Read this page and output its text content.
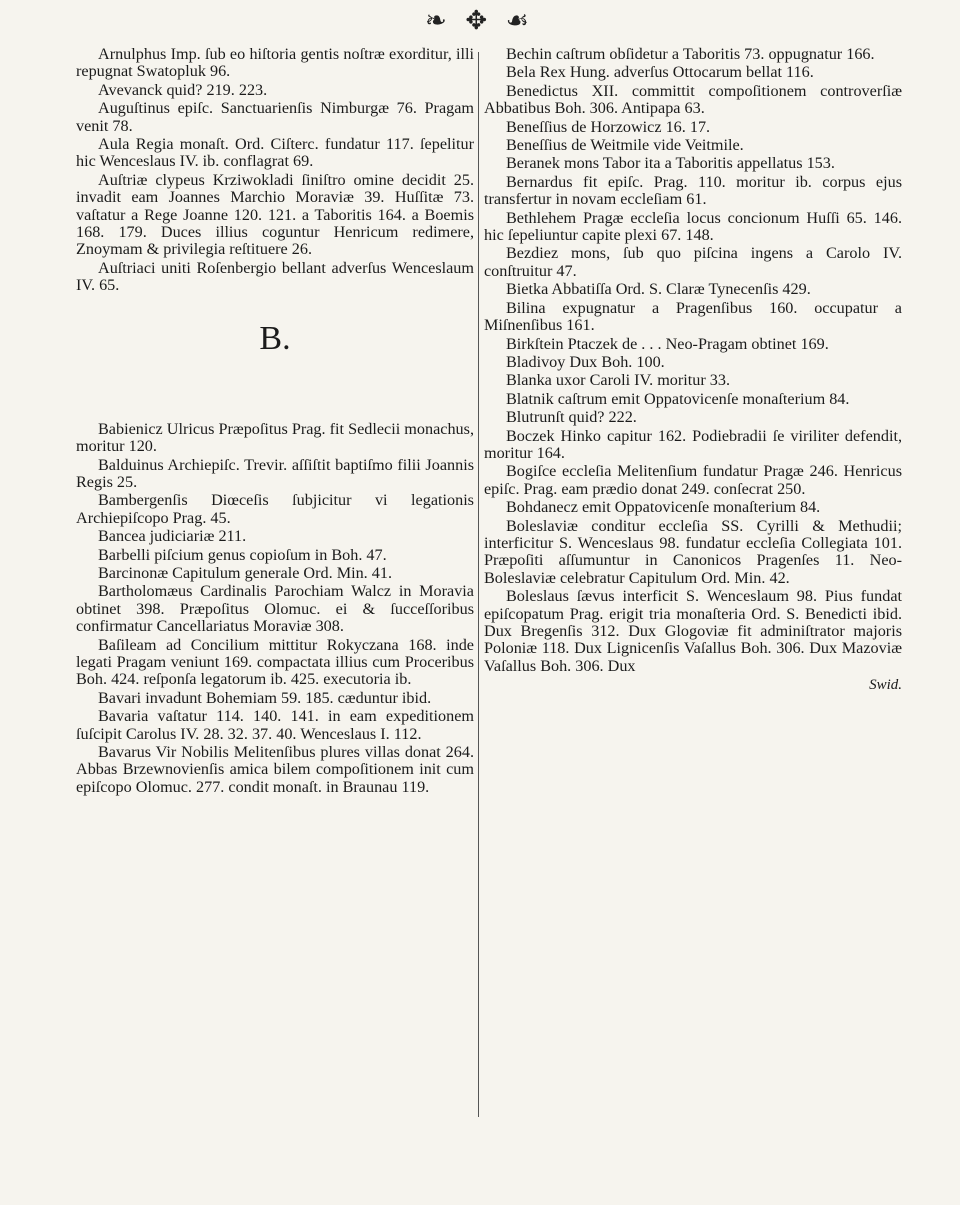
❧ ✥ ☙

Arnulphus Imp. ſub eo hiſtoria gentis noſtræ exorditur, illi repugnat Swatopluk 96.

Avevanck quid? 219. 223.

Auguſtinus epiſc. Sanctuarienſis Nimburgæ 76. Pragam venit 78.

Aula Regia monaſt. Ord. Ciſterc. fundatur 117. ſepelitur hic Wenceslaus IV. ib. conflagrat 69.

Auſtriæ clypeus Krziwokladi ſiniſtro omine decidit 25. invadit eam Joannes Marchio Moraviæ 39. Huſſitæ 73. vaſtatur a Rege Joanne 120. 121. a Taboritis 164. a Boemis 168. 179. Duces illius coguntur Henricum redimere, Znoymam & privilegia reſtituere 26.

Auſtriaci uniti Roſenbergio bellant adverſus Wenceslaum IV. 65.

B.

Babienicz Ulricus Præpoſitus Prag. fit Sedlecii monachus, moritur 120.

Balduinus Archiepiſc. Trevir. aſſiſtit baptiſmo filii Joannis Regis 25.

Bambergenſis Diœceſis ſubjicitur vi legationis Archiepiſcopo Prag. 45.

Bancea judiciariæ 211.

Barbelli piſcium genus copioſum in Boh. 47.

Barcinonæ Capitulum generale Ord. Min. 41.

Bartholomæus Cardinalis Parochiam Walcz in Moravia obtinet 398. Præpoſitus Olomuc. ei & ſucceſſoribus confirmatur Cancellariatus Moraviæ 308.

Baſileam ad Concilium mittitur Rokyczana 168. inde legati Pragam veniunt 169. compactata illius cum Proceribus Boh. 424. reſponſa legatorum ib. 425. executoria ib.

Bavari invadunt Bohemiam 59. 185. cæduntur ibid.

Bavaria vaſtatur 114. 140. 141. in eam expeditionem ſuſcipit Carolus IV. 28. 32. 37. 40. Wenceslaus I. 112.

Bavarus Vir Nobilis Melitenſibus plures villas donat 264. Abbas Brzewnovienſis amica bilem compoſitionem init cum epiſcopo Olomuc. 277. condit monaſt. in Braunau 119.

Bechin caſtrum obſidetur a Taboritis 73. oppugnatur 166.

Bela Rex Hung. adverſus Ottocarum bellat 116.

Benedictus XII. committit compoſitionem controverſiæ Abbatibus Boh. 306. Antipapa 63.

Beneſſius de Horzowicz 16. 17.

Beneſſius de Weitmile vide Veitmile.

Beranek mons Tabor ita a Taboritis appellatus 153.

Bernardus fit epiſc. Prag. 110. moritur ib. corpus ejus transfertur in novam eccleſiam 61.

Bethlehem Pragæ eccleſia locus concionum Huſſi 65. 146. hic ſepeliuntur capite plexi 67. 148.

Bezdiez mons, ſub quo piſcina ingens a Carolo IV. conſtruitur 47.

Bietka Abbatiſſa Ord. S. Claræ Tynecenſis 429.

Bilina expugnatur a Pragenſibus 160. occupatur a Miſnenſibus 161.

Birkſtein Ptaczek de . . . Neo-Pragam obtinet 169.

Bladivoy Dux Boh. 100.

Blanka uxor Caroli IV. moritur 33.

Blatnik caſtrum emit Oppatovicenſe monaſterium 84.

Blutrunſt quid? 222.

Boczek Hinko capitur 162. Podiebradii ſe viriliter defendit, moritur 164.

Bogiſce eccleſia Melitenſium fundatur Pragæ 246. Henricus epiſc. Prag. eam prædio donat 249. conſecrat 250.

Bohdanecz emit Oppatovicenſe monaſterium 84.

Boleslaviæ conditur eccleſia SS. Cyrilli & Methudii; interficitur S. Wenceslaus 98. fundatur eccleſia Collegiata 101. Præpoſiti aſſumuntur in Canonicos Pragenſes 11. Neo-Boleslaviæ celebratur Capitulum Ord. Min. 42.

Boleslaus ſævus interficit S. Wenceslaum 98. Pius fundat epiſcopatum Prag. erigit tria monaſteria Ord. S. Benedicti ibid. Dux Bregenſis 312. Dux Glogoviæ fit adminiſtrator majoris Poloniæ 118. Dux Lignicenſis Vaſallus Boh. 306. Dux Mazoviæ Vaſallus Boh. 306. Dux

Swid.
